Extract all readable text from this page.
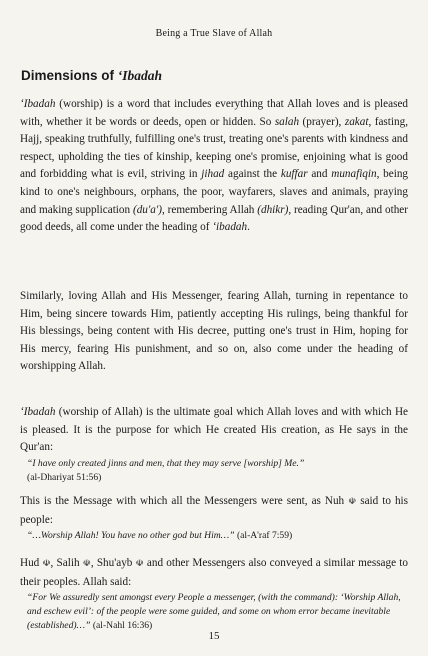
Being a True Slave of Allah
Dimensions of ‘Ibadah
‘Ibadah (worship) is a word that includes everything that Allah loves and is pleased with, whether it be words or deeds, open or hidden. So salah (prayer), zakat, fasting, Hajj, speaking truthfully, fulfilling one's trust, treating one's parents with kindness and respect, upholding the ties of kinship, keeping one's promise, enjoining what is good and forbidding what is evil, striving in jihad against the kuffar and munafiqin, being kind to one's neighbours, orphans, the poor, wayfarers, slaves and animals, praying and making supplication (du'a'), remembering Allah (dhikr), reading Qur'an, and other good deeds, all come under the heading of ‘ibadah.
Similarly, loving Allah and His Messenger, fearing Allah, turning in repentance to Him, being sincere towards Him, patiently accepting His rulings, being thankful for His blessings, being content with His decree, putting one's trust in Him, hoping for His mercy, fearing His punishment, and so on, also come under the heading of worshipping Allah.
‘Ibadah (worship of Allah) is the ultimate goal which Allah loves and with which He is pleased. It is the purpose for which He created His creation, as He says in the Qur'an:
“I have only created jinns and men, that they may serve [worship] Me.”
(al-Dhariyat 51:56)
This is the Message with which all the Messengers were sent, as Nuh ☫ said to his people:
“…Worship Allah! You have no other god but Him…” (al-A'raf 7:59)
Hud ☫, Salih ☫, Shu'ayb ☫ and other Messengers also conveyed a similar message to their peoples. Allah said:
“For We assuredly sent amongst every People a messenger, (with the command): ‘Worship Allah, and eschew evil’: of the people were some guided, and some on whom error became inevitable (established)…” (al-Nahl 16:36)
15
